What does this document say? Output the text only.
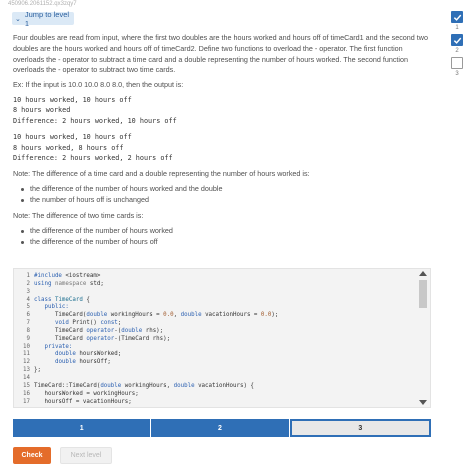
450906.2061152.qx3zqy7
⌄
Jump to level 1
1
2
3

Four doubles are read from input, where the first two doubles are the hours worked and hours off of timeCard1 and the second two doubles are the hours worked and hours off of timeCard2. Define two functions to overload the - operator. The first function overloads the - operator to subtract a time card and a double representing the number of hours worked. The second function overloads the - operator to subtract two time cards.

Ex: If the input is 10.0 10.0 8.0 8.0, then the output is:

10 hours worked, 10 hours off
8 hours worked
Difference: 2 hours worked, 10 hours off
10 hours worked, 10 hours off
8 hours worked, 8 hours off
Difference: 2 hours worked, 2 hours off

Note: The difference of a time card and a double representing the number of hours worked is:

the difference of the number of hours worked and the double
the number of hours off is unchanged

Note: The difference of two time cards is:

the difference of the number of hours worked
the difference of the number of hours off
1 #include <iostream>
2 using namespace std;
3
4 class TimeCard {
5	public:
6 TimeCard(double workingHours = 0.0, double vacationHours = 0.0);
7	void Print() const;
8 TimeCard operator-(double rhs);
9 TimeCard operator-(TimeCard rhs);
10	private:
11	double hoursWorked;
12	double hoursOff;
13 };
14
15 TimeCard::TimeCard(double workingHours, double vacationHours) {
16 hoursWorked = workingHours;
17 hoursOff = vacationHours;
1	2	3
Check	Next level
